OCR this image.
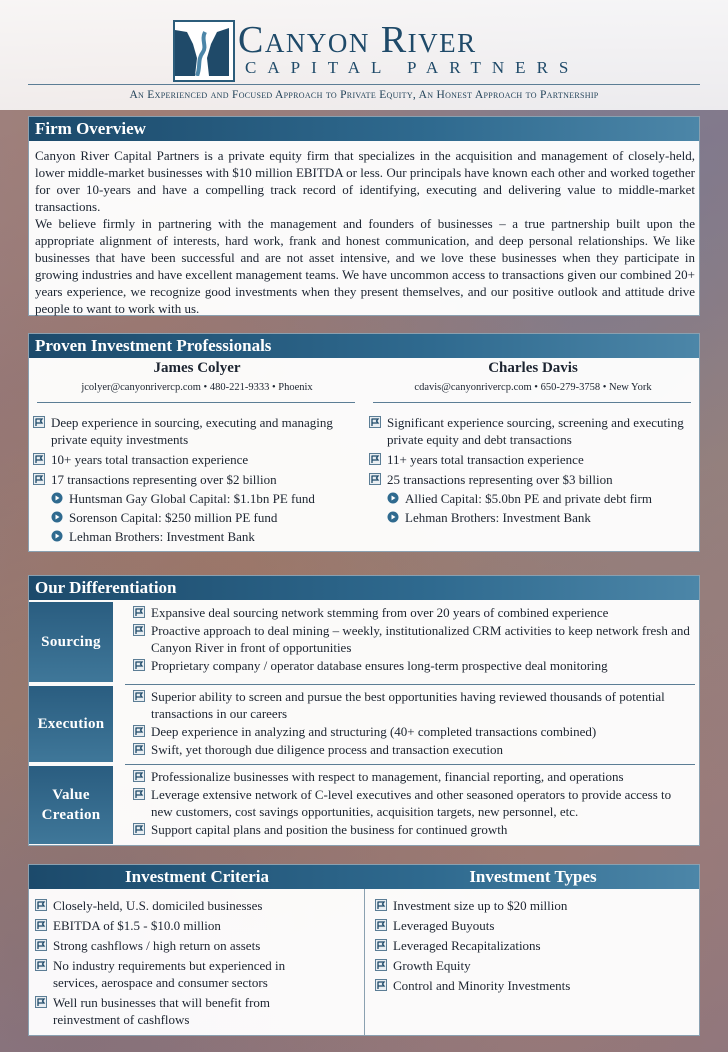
Canyon River
CAPITAL PARTNERS
An Experienced and Focused Approach to Private Equity, An Honest Approach to Partnership
Firm Overview
Canyon River Capital Partners is a private equity firm that specializes in the acquisition and management of closely-held, lower middle-market businesses with $10 million EBITDA or less. Our principals have known each other and worked together for over 10-years and have a compelling track record of identifying, executing and delivering value to middle-market transactions.
We believe firmly in partnering with the management and founders of businesses – a true partnership built upon the appropriate alignment of interests, hard work, frank and honest communication, and deep personal relationships. We like businesses that have been successful and are not asset intensive, and we love these businesses when they participate in growing industries and have excellent management teams. We have uncommon access to transactions given our combined 20+ years experience, we recognize good investments when they present themselves, and our positive outlook and attitude drive people to want to work with us.
Proven Investment Professionals
James Colyer
jcolyer@canyonrivercp.com • 480-221-9333 • Phoenix
Charles Davis
cdavis@canyonrivercp.com • 650-279-3758 • New York
Deep experience in sourcing, executing and managing private equity investments
10+ years total transaction experience
17 transactions representing over $2 billion
Huntsman Gay Global Capital: $1.1bn PE fund
Sorenson Capital: $250 million PE fund
Lehman Brothers: Investment Bank
Significant experience sourcing, screening and executing private equity and debt transactions
11+ years total transaction experience
25 transactions representing over $3 billion
Allied Capital: $5.0bn PE and private debt firm
Lehman Brothers: Investment Bank
Our Differentiation
Sourcing
Expansive deal sourcing network stemming from over 20 years of combined experience
Proactive approach to deal mining – weekly, institutionalized CRM activities to keep network fresh and Canyon River in front of opportunities
Proprietary company / operator database ensures long-term prospective deal monitoring
Execution
Superior ability to screen and pursue the best opportunities having reviewed thousands of potential transactions in our careers
Deep experience in analyzing and structuring (40+ completed transactions combined)
Swift, yet thorough due diligence process and transaction execution
Value Creation
Professionalize businesses with respect to management, financial reporting, and operations
Leverage extensive network of C-level executives and other seasoned operators to provide access to new customers, cost savings opportunities, acquisition targets, new personnel, etc.
Support capital plans and position the business for continued growth
Investment Criteria	Investment Types
Closely-held, U.S. domiciled businesses
EBITDA of $1.5 - $10.0 million
Strong cashflows / high return on assets
No industry requirements but experienced in services, aerospace and consumer sectors
Well run businesses that will benefit from reinvestment of cashflows
Investment size up to $20 million
Leveraged Buyouts
Leveraged Recapitalizations
Growth Equity
Control and Minority Investments
